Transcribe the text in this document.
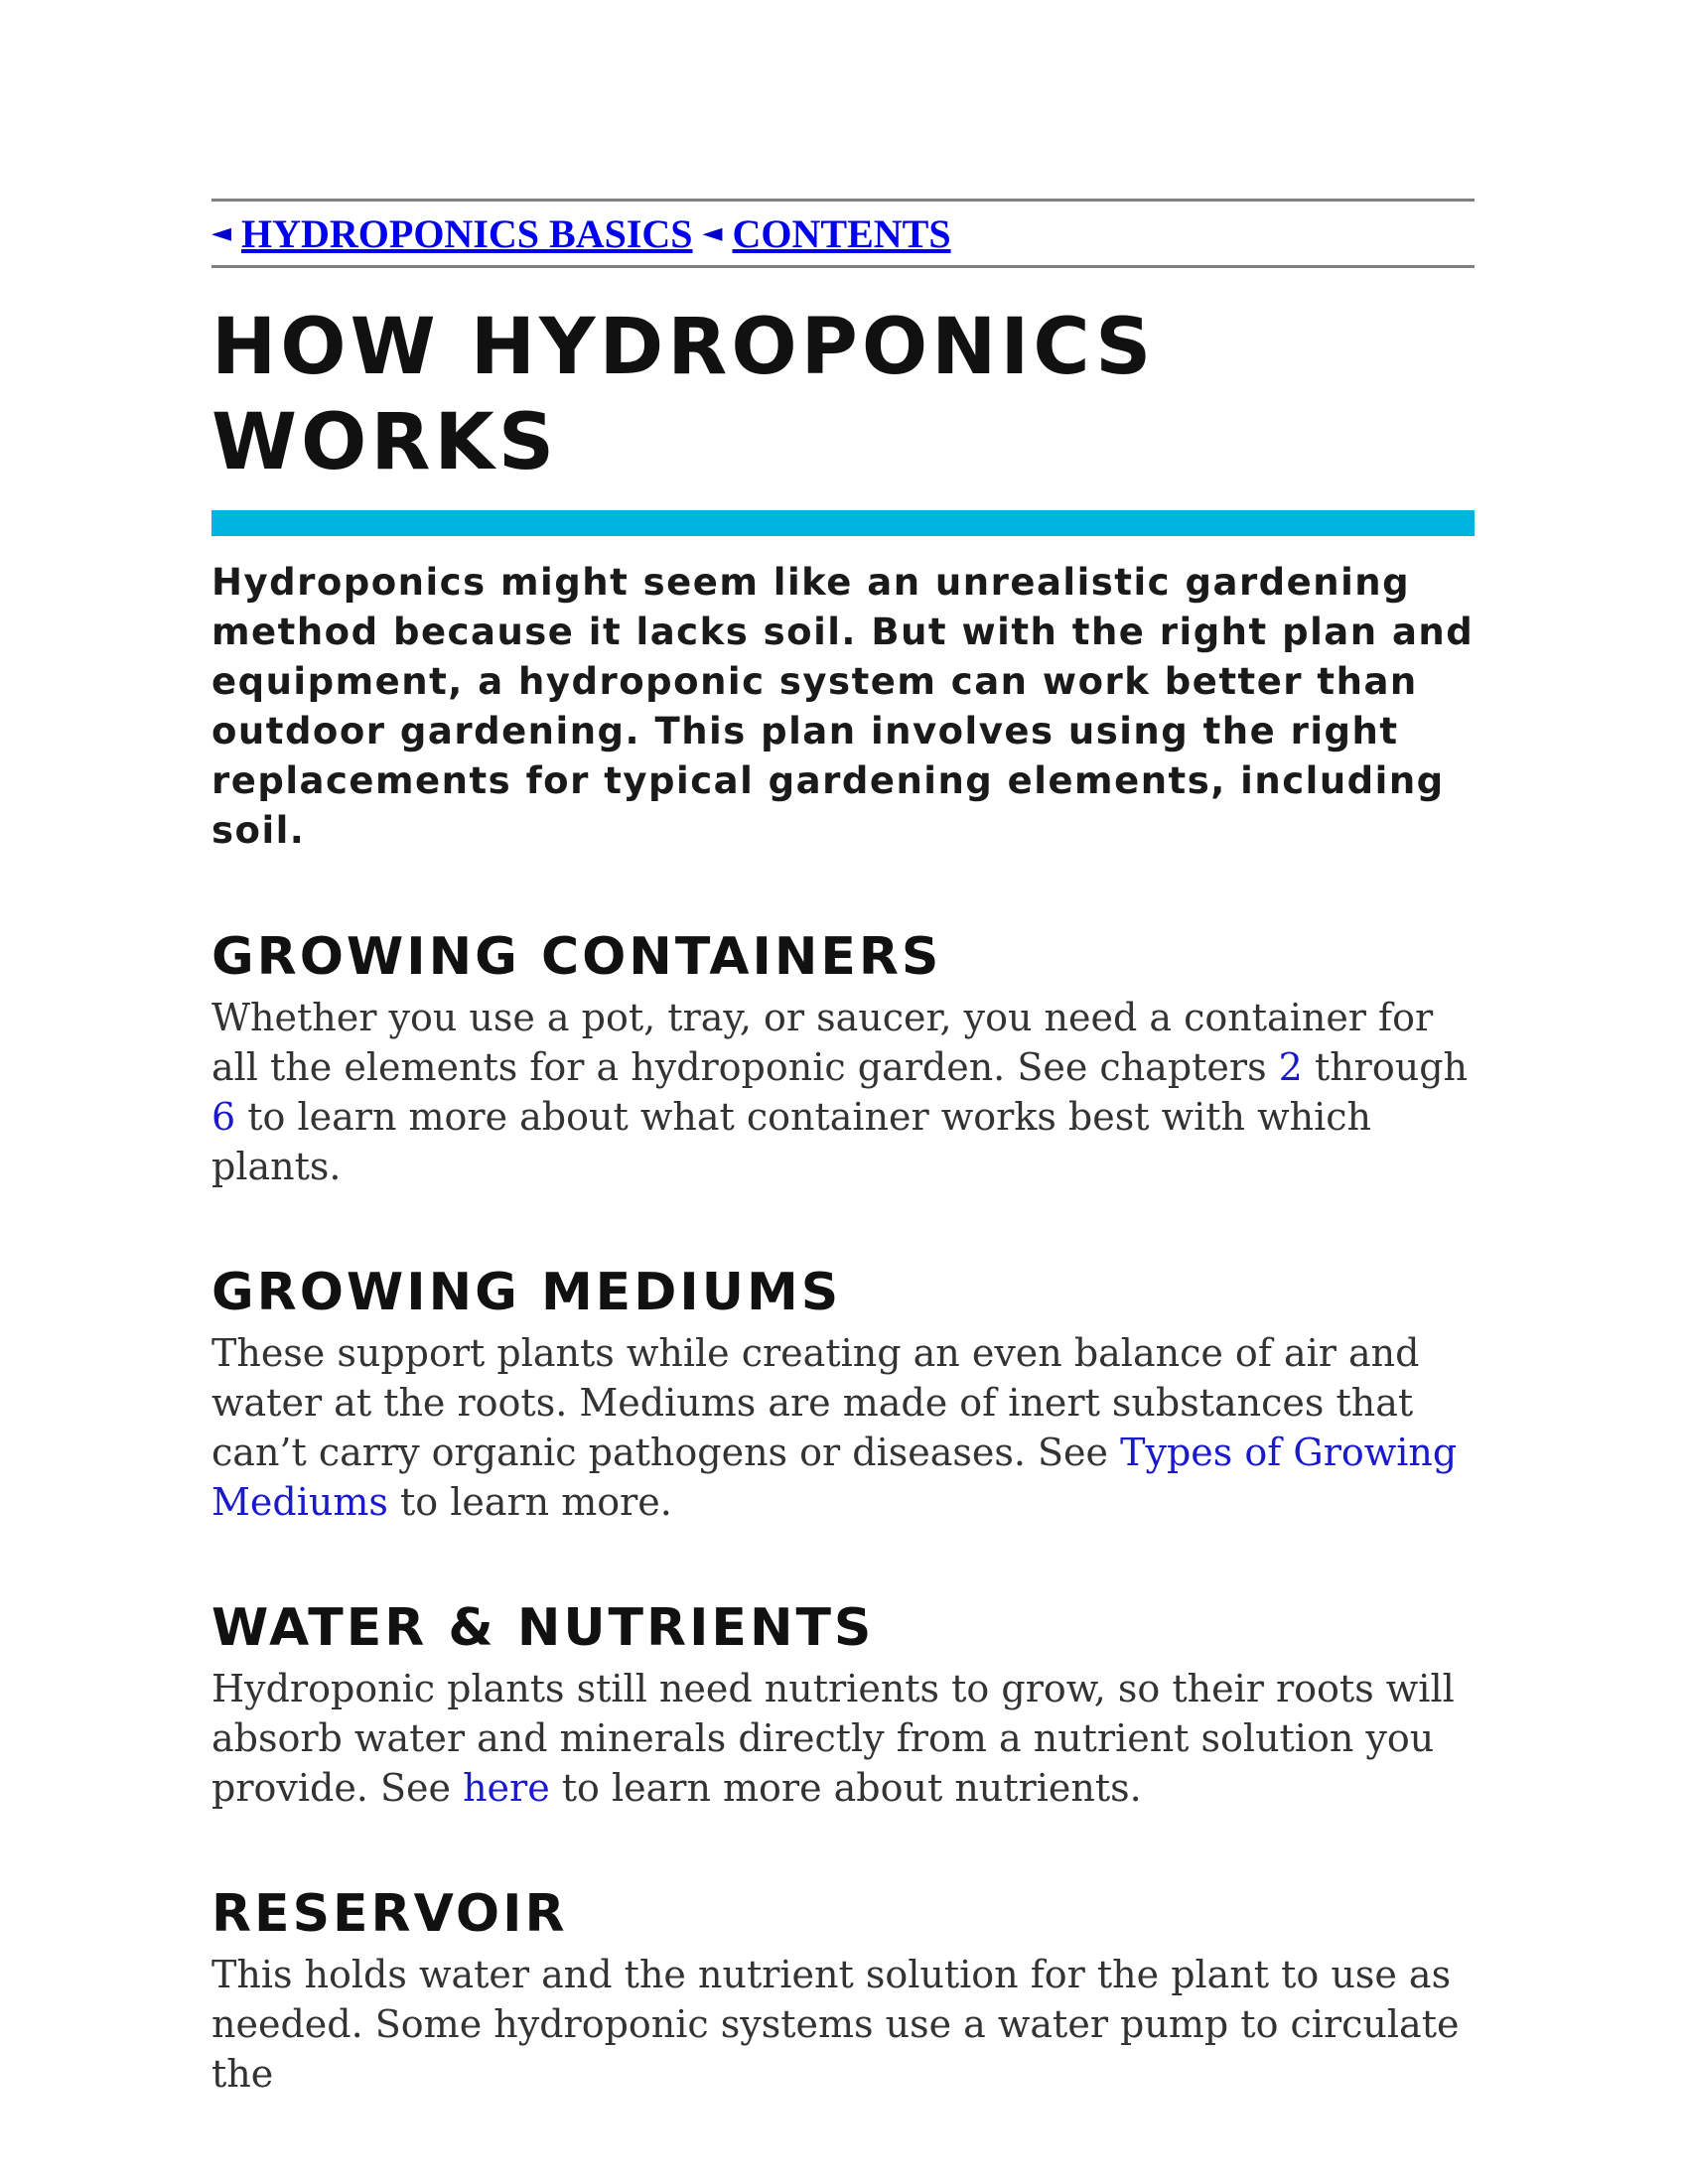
◄ HYDROPONICS BASICS ◄ CONTENTS
HOW HYDROPONICS WORKS

Hydroponics might seem like an unrealistic gardening method because it lacks soil. But with the right plan and equipment, a hydroponic system can work better than outdoor gardening. This plan involves using the right replacements for typical gardening elements, including soil.

GROWING CONTAINERS

Whether you use a pot, tray, or saucer, you need a container for all the elements for a hydroponic garden. See chapters 2 through 6 to learn more about what container works best with which plants.

GROWING MEDIUMS

These support plants while creating an even balance of air and water at the roots. Mediums are made of inert substances that can’t carry organic pathogens or diseases. See Types of Growing Mediums to learn more.

WATER & NUTRIENTS

Hydroponic plants still need nutrients to grow, so their roots will absorb water and minerals directly from a nutrient solution you provide. See here to learn more about nutrients.

RESERVOIR

This holds water and the nutrient solution for the plant to use as needed. Some hydroponic systems use a water pump to circulate the
